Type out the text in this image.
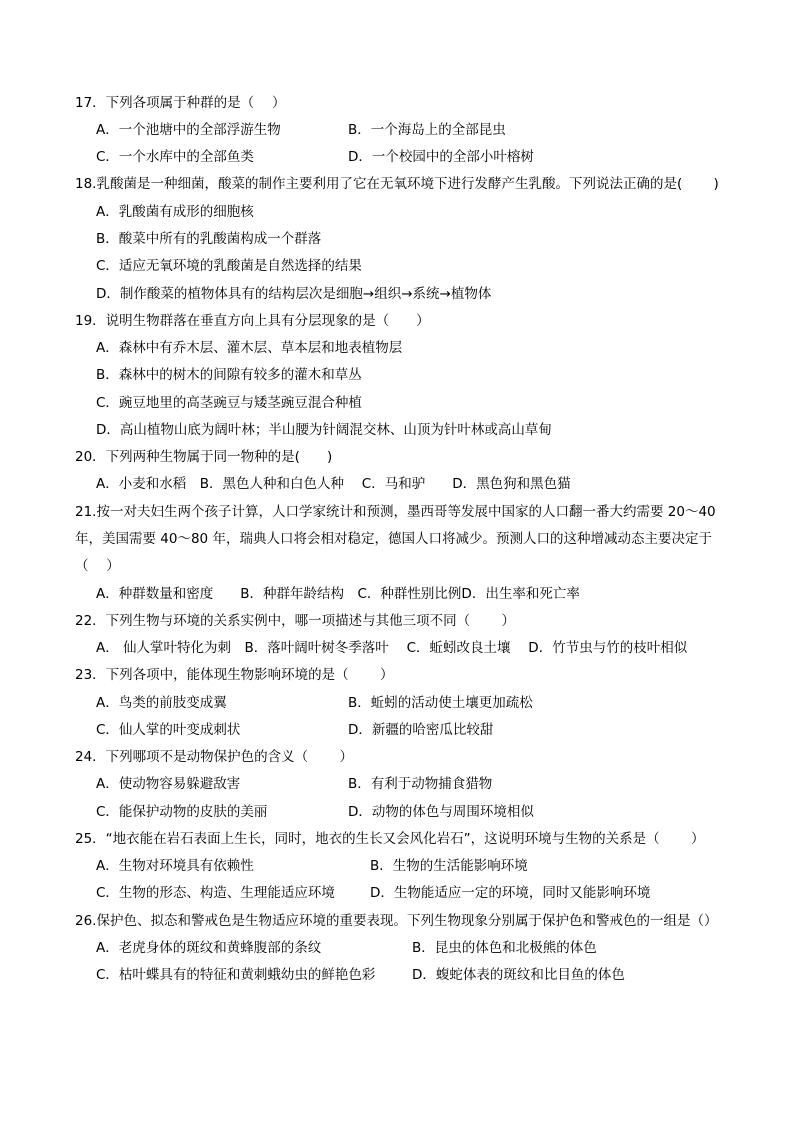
17．下列各项属于种群的是（　 ）
A．一个池塘中的全部浮游生物	B．一个海岛上的全部昆虫
C．一个水库中的全部鱼类	D．一个校园中的全部小叶榕树
18.乳酸菌是一种细菌，酸菜的制作主要利用了它在无氧环境下进行发酵产生乳酸。下列说法正确的是(　　 )
A．乳酸菌有成形的细胞核
B．酸菜中所有的乳酸菌构成一个群落
C．适应无氧环境的乳酸菌是自然选择的结果
D．制作酸菜的植物体具有的结构层次是细胞→组织→系统→植物体
19．说明生物群落在垂直方向上具有分层现象的是（　　）
A．森林中有乔木层、灌木层、草本层和地表植物层
B．森林中的树木的间隙有较多的灌木和草丛
C．豌豆地里的高茎豌豆与矮茎豌豆混合种植
D．高山植物山底为阔叶林；半山腰为针阔混交林、山顶为针叶林或高山草甸
20．下列两种生物属于同一物种的是(　　)
A．小麦和水稻　B．黑色人种和白色人种　 C．马和驴　　D．黑色狗和黑色猫
21.按一对夫妇生两个孩子计算，人口学家统计和预测，墨西哥等发展中国家的人口翻一番大约需要 20～40
年，美国需要 40～80 年，瑞典人口将会相对稳定，德国人口将减少。预测人口的这种增减动态主要决定于
（　 ）
A．种群数量和密度　　B．种群年龄结构　C．种群性别比例D．出生率和死亡率
22．下列生物与环境的关系实例中，哪一项描述与其他三项不同（　　 ）
A． 仙人掌叶特化为刺　B．落叶阔叶树冬季落叶　 C．蚯蚓改良土壤　 D．竹节虫与竹的枝叶相似
23．下列各项中，能体现生物影响环境的是（　　 ）
A．鸟类的前肢变成翼	B．蚯蚓的活动使土壤更加疏松
C．仙人掌的叶变成刺状	D．新疆的哈密瓜比较甜
24．下列哪项不是动物保护色的含义（　　 ）
A．使动物容易躲避敌害	B．有利于动物捕食猎物
C．能保护动物的皮肤的美丽	D．动物的体色与周围环境相似
25．“地衣能在岩石表面上生长，同时，地衣的生长又会风化岩石”，这说明环境与生物的关系是（　　 ）
A．生物对环境具有依赖性	B．生物的生活能影响环境
C．生物的形态、构造、生理能适应环境	D．生物能适应一定的环境，同时又能影响环境
26.保护色、拟态和警戒色是生物适应环境的重要表现。下列生物现象分别属于保护色和警戒色的一组是（）
A．老虎身体的斑纹和黄蜂腹部的条纹	B．昆虫的体色和北极熊的体色
C．枯叶蝶具有的特征和黄刺蛾幼虫的鲜艳色彩	D．蝮蛇体表的斑纹和比目鱼的体色
